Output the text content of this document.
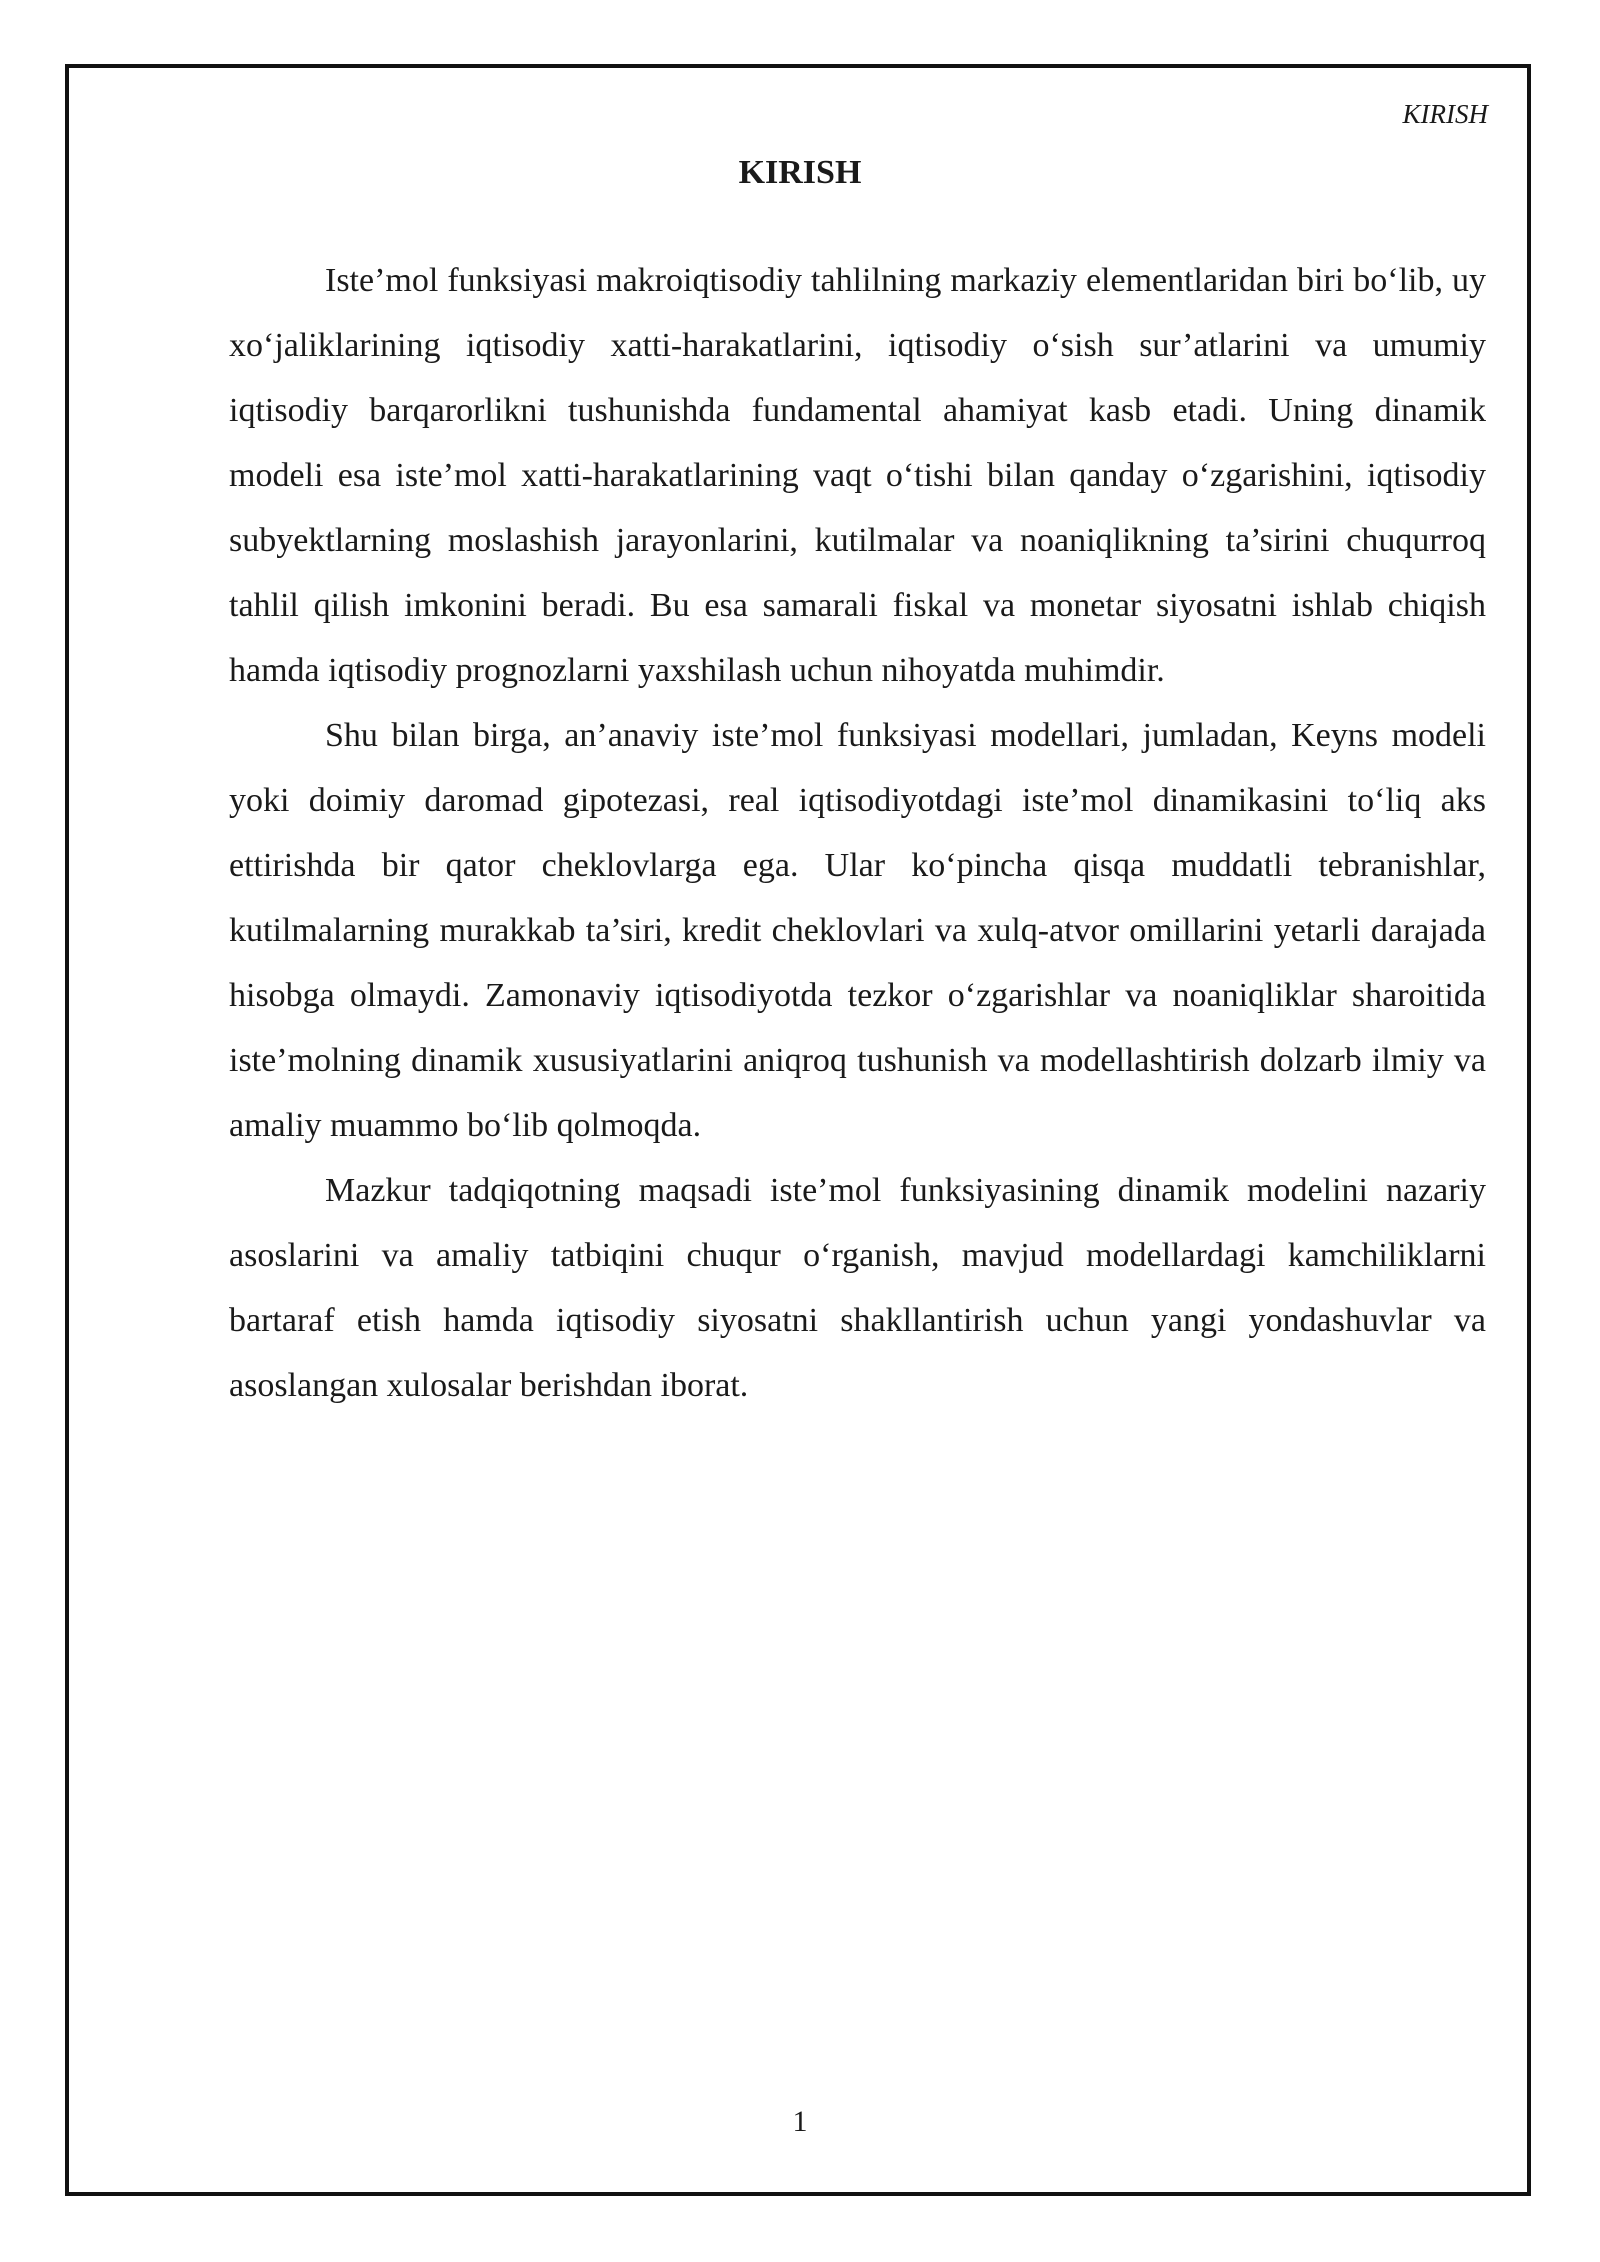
KIRISH
KIRISH

Iste’mol funksiyasi makroiqtisodiy tahlilning markaziy elementlaridan biri bo‘lib, uy xo‘jaliklarining iqtisodiy xatti-harakatlarini, iqtisodiy o‘sish sur’atlarini va umumiy iqtisodiy barqarorlikni tushunishda fundamental ahamiyat kasb etadi. Uning dinamik modeli esa iste’mol xatti-harakatlarining vaqt o‘tishi bilan qanday o‘zgarishini, iqtisodiy subyektlarning moslashish jarayonlarini, kutilmalar va noaniqlikning ta’sirini chuqurroq tahlil qilish imkonini beradi. Bu esa samarali fiskal va monetar siyosatni ishlab chiqish hamda iqtisodiy prognozlarni yaxshilash uchun nihoyatda muhimdir.

Shu bilan birga, an’anaviy iste’mol funksiyasi modellari, jumladan, Keyns modeli yoki doimiy daromad gipotezasi, real iqtisodiyotdagi iste’mol dinamikasini to‘liq aks ettirishda bir qator cheklovlarga ega. Ular ko‘pincha qisqa muddatli tebranishlar, kutilmalarning murakkab ta’siri, kredit cheklovlari va xulq-atvor omillarini yetarli darajada hisobga olmaydi. Zamonaviy iqtisodiyotda tezkor o‘zgarishlar va noaniqliklar sharoitida iste’molning dinamik xususiyatlarini aniqroq tushunish va modellashtirish dolzarb ilmiy va amaliy muammo bo‘lib qolmoqda.

Mazkur tadqiqotning maqsadi iste’mol funksiyasining dinamik modelini nazariy asoslarini va amaliy tatbiqini chuqur o‘rganish, mavjud modellardagi kamchiliklarni bartaraf etish hamda iqtisodiy siyosatni shakllantirish uchun yangi yondashuvlar va asoslangan xulosalar berishdan iborat.

1
